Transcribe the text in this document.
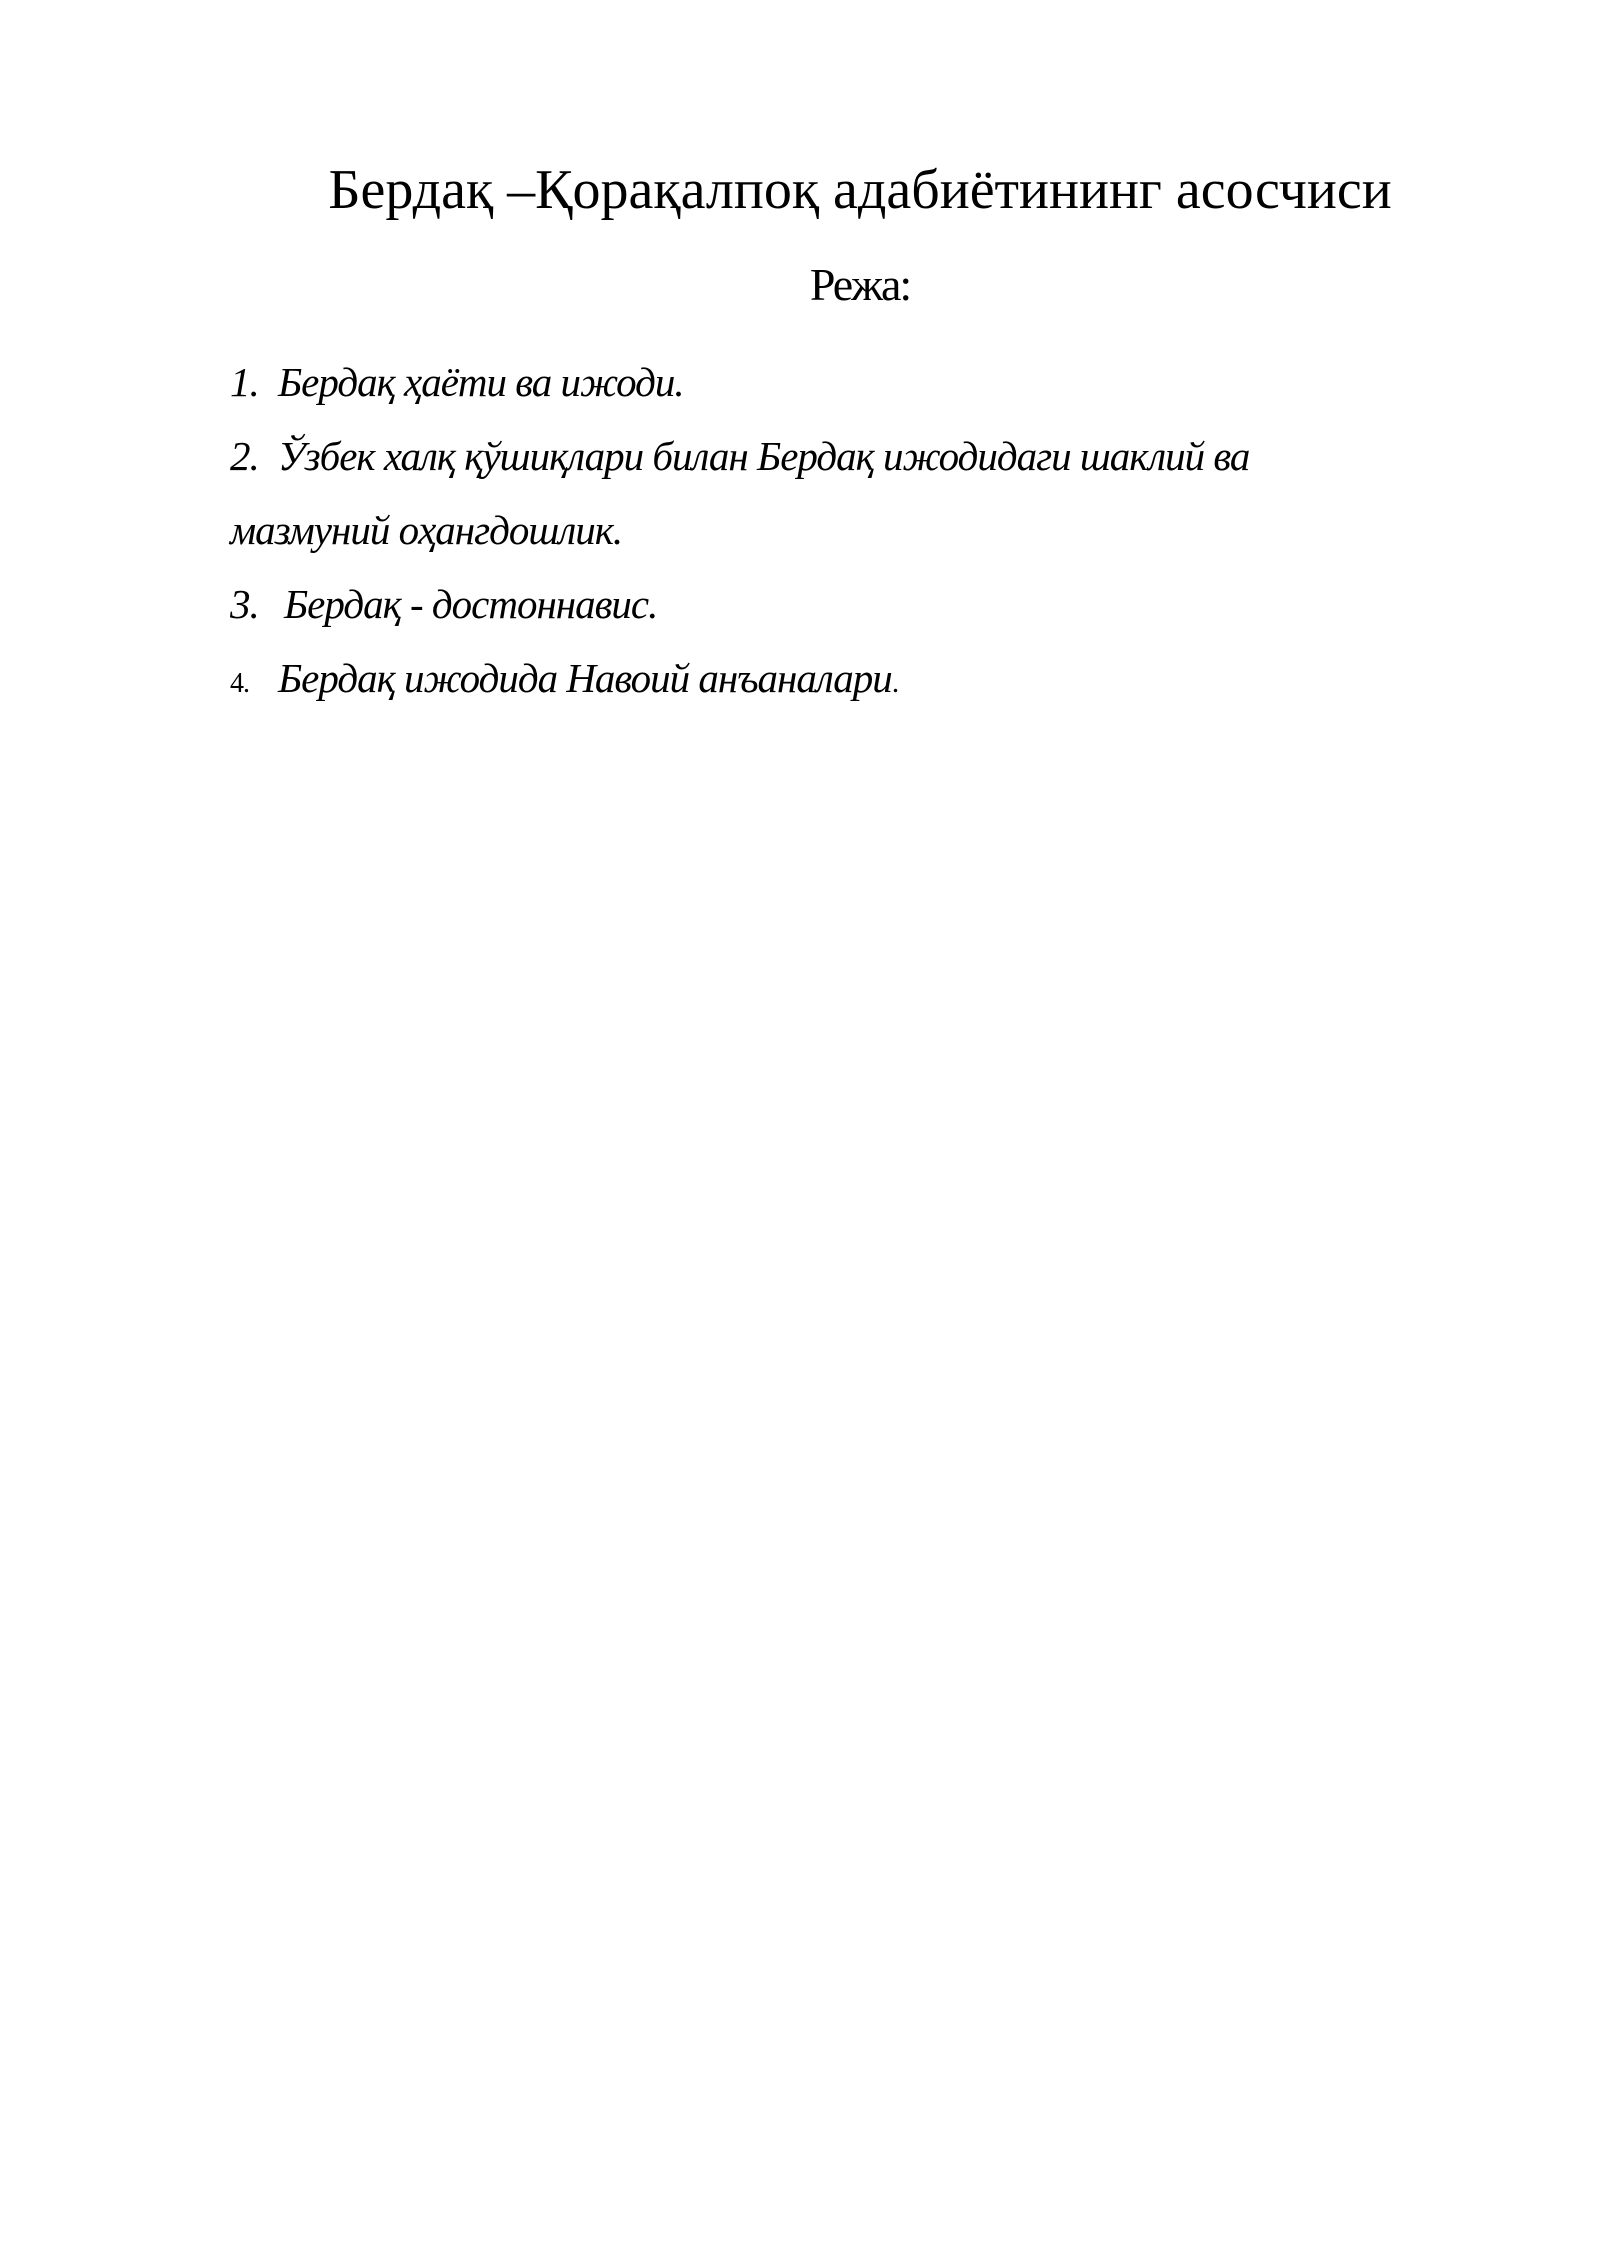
Бердақ –Қорақалпоқ адабиётининг асосчиси
Режа:
1. Бердақ ҳаёти ва ижоди.
2. Ўзбек халқ қўшиқлари билан Бердақ ижодидаги шаклий ва
мазмуний оҳангдошлик.
3. Бердақ - достоннавис.
4. Бердақ ижодида Навоий анъаналари.
